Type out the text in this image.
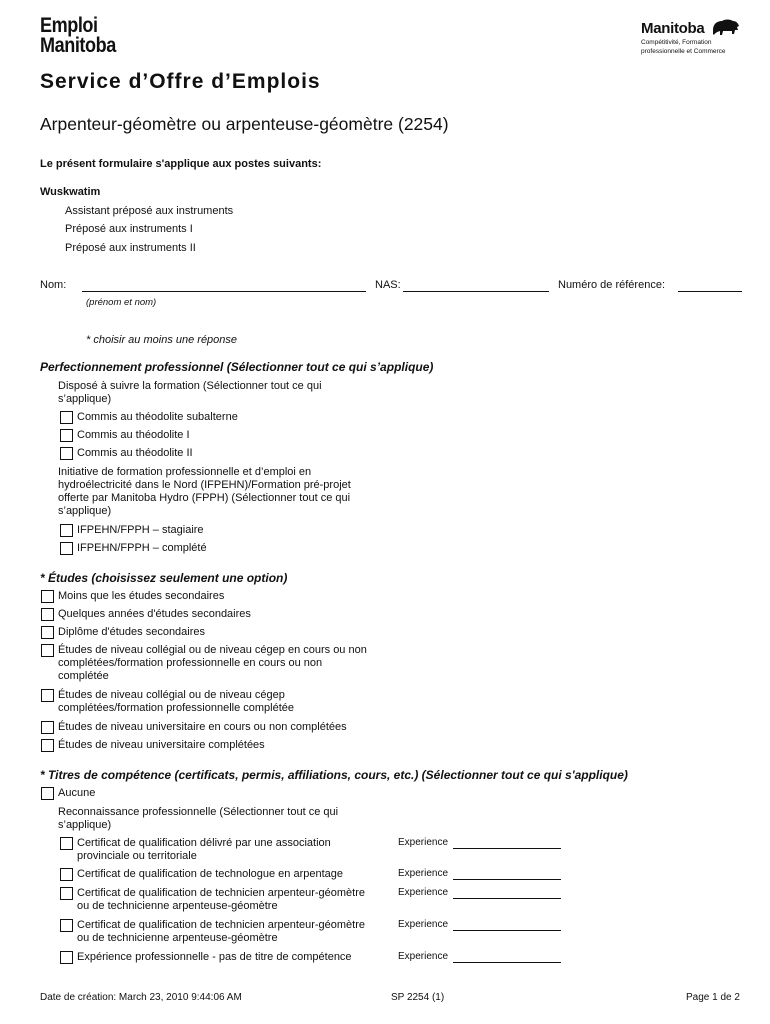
Emploi
Manitoba
Manitoba
Compétitivité, Formation
professionnelle et Commerce
Service d’Offre d’Emplois
Arpenteur-géomètre ou arpenteuse-géomètre (2254)
Le présent formulaire s'applique aux postes suivants:
Wuskwatim
Assistant préposé aux instruments
Préposé aux instruments I
Préposé aux instruments II
Nom:	NAS:	Numéro de référence:
(prénom et nom)
* choisir au moins une réponse
Perfectionnement professionnel (Sélectionner tout ce qui s’applique)
Disposé à suivre la formation (Sélectionner tout ce qui
s’applique)
Commis au théodolite subalterne
Commis au théodolite I
Commis au théodolite II
Initiative de formation professionnelle et d’emploi en
hydroélectricité dans le Nord (IFPEHN)/Formation pré-projet
offerte par Manitoba Hydro (FPPH) (Sélectionner tout ce qui
s’applique)
IFPEHN/FPPH – stagiaire
IFPEHN/FPPH – complété
* Études (choisissez seulement une option)
Moins que les études secondaires
Quelques années d'études secondaires
Diplôme d'études secondaires
Études de niveau collégial ou de niveau cégep en cours ou non
complétées/formation professionnelle en cours ou non
complétée
Études de niveau collégial ou de niveau cégep
complétées/formation professionnelle complétée
Études de niveau universitaire en cours ou non complétées
Études de niveau universitaire complétées
* Titres de compétence (certificats, permis, affiliations, cours, etc.) (Sélectionner tout ce qui s'applique)
Aucune
Reconnaissance professionnelle (Sélectionner tout ce qui
s’applique)
Certificat de qualification délivré par une association
provinciale ou territoriale
Experience
Certificat de qualification de technologue en arpentage	Experience
Certificat de qualification de technicien arpenteur-géomètre
ou de technicienne arpenteuse-géomètre
Experience
Certificat de qualification de technicien arpenteur-géomètre
ou de technicienne arpenteuse-géomètre
Experience
Expérience professionnelle - pas de titre de compétence	Experience
Date de création: March 23, 2010 9:44:06 AM	SP 2254 (1)	Page 1 de 2
